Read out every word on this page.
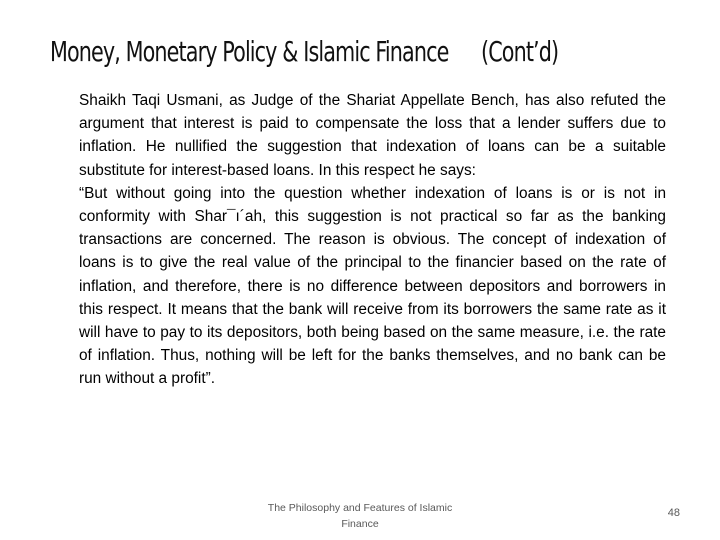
Money, Monetary Policy & Islamic Finance (Cont’d)

Shaikh Taqi Usmani, as Judge of the Shariat Appellate Bench, has also refuted the argument that interest is paid to compensate the loss that a lender suffers due to inflation. He nullified the suggestion that indexation of loans can be a suitable substitute for interest-based loans. In this respect he says:

“But without going into the question whether indexation of loans is or is not in conformity with Shar¯ı´ah, this suggestion is not practical so far as the banking transactions are concerned. The reason is obvious. The concept of indexation of loans is to give the real value of the principal to the financier based on the rate of inflation, and therefore, there is no difference between depositors and borrowers in this respect. It means that the bank will receive from its borrowers the same rate as it will have to pay to its depositors, both being based on the same measure, i.e. the rate of inflation. Thus, nothing will be left for the banks themselves, and no bank can be run without a profit”.

The Philosophy and Features of Islamic Finance
48
